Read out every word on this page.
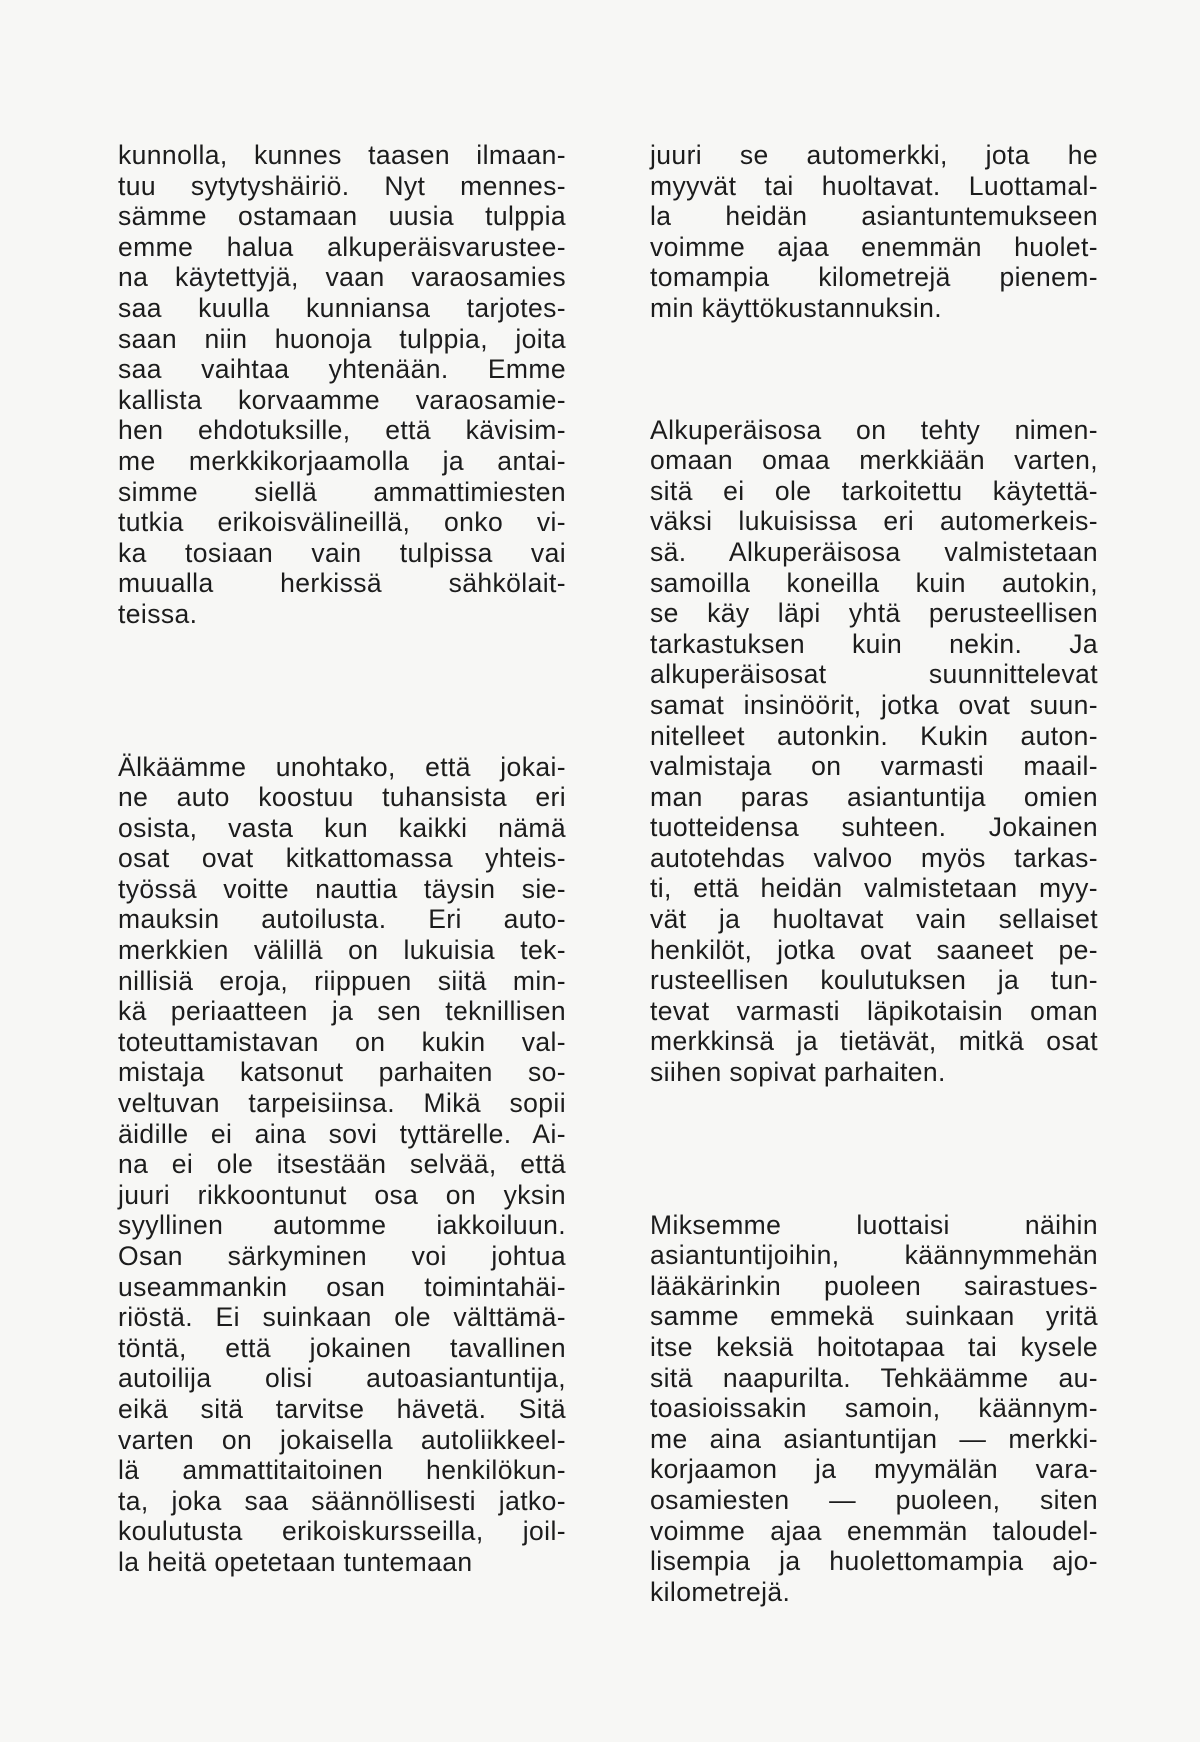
kunnolla, kunnes taasen ilmaan-
tuu sytytyshäiriö. Nyt mennes-
sämme ostamaan uusia tulppia
emme halua alkuperäisvarustee-
na käytettyjä, vaan varaosamies
saa kuulla kunniansa tarjotes-
saan niin huonoja tulppia, joita
saa vaihtaa yhtenään. Emme
kallista korvaamme varaosamie-
hen ehdotuksille, että kävisim-
me merkkikorjaamolla ja antai-
simme siellä ammattimiesten
tutkia erikoisvälineillä, onko vi-
ka tosiaan vain tulpissa vai
muualla herkissä sähkölait-
teissa.

Älkäämme unohtako, että jokai-
ne auto koostuu tuhansista eri
osista, vasta kun kaikki nämä
osat ovat kitkattomassa yhteis-
työssä voitte nauttia täysin sie-
mauksin autoilusta. Eri auto-
merkkien välillä on lukuisia tek-
nillisiä eroja, riippuen siitä min-
kä periaatteen ja sen teknillisen
toteuttamistavan on kukin val-
mistaja katsonut parhaiten so-
veltuvan tarpeisiinsa. Mikä sopii
äidille ei aina sovi tyttärelle. Ai-
na ei ole itsestään selvää, että
juuri rikkoontunut osa on yksin
syyllinen automme iakkoiluun.
Osan särkyminen voi johtua
useammankin osan toimintahäi-
riöstä. Ei suinkaan ole välttämä-
töntä, että jokainen tavallinen
autoilija olisi autoasiantuntija,
eikä sitä tarvitse hävetä. Sitä
varten on jokaisella autoliikkeel-
lä ammattitaitoinen henkilökun-
ta, joka saa säännöllisesti jatko-
koulutusta erikoiskursseilla, joil-
la heitä opetetaan tuntemaan

juuri se automerkki, jota he
myyvät tai huoltavat. Luottamal-
la heidän asiantuntemukseen
voimme ajaa enemmän huolet-
tomampia kilometrejä pienem-
min käyttökustannuksin.

Alkuperäisosa on tehty nimen-
omaan omaa merkkiään varten,
sitä ei ole tarkoitettu käytettä-
väksi lukuisissa eri automerkeis-
sä. Alkuperäisosa valmistetaan
samoilla koneilla kuin autokin,
se käy läpi yhtä perusteellisen
tarkastuksen kuin nekin. Ja
alkuperäisosat suunnittelevat
samat insinöörit, jotka ovat suun-
nitelleet autonkin. Kukin auton-
valmistaja on varmasti maail-
man paras asiantuntija omien
tuotteidensa suhteen. Jokainen
autotehdas valvoo myös tarkas-
ti, että heidän valmistetaan myy-
vät ja huoltavat vain sellaiset
henkilöt, jotka ovat saaneet pe-
rusteellisen koulutuksen ja tun-
tevat varmasti läpikotaisin oman
merkkinsä ja tietävät, mitkä osat
siihen sopivat parhaiten.

Miksemme luottaisi näihin
asiantuntijoihin, käännymmehän
lääkärinkin puoleen sairastues-
samme emmekä suinkaan yritä
itse keksiä hoitotapaa tai kysele
sitä naapurilta. Tehkäämme au-
toasioissakin samoin, käännym-
me aina asiantuntijan — merkki-
korjaamon ja myymälän vara-
osamiesten — puoleen, siten
voimme ajaa enemmän taloudel-
lisempia ja huolettomampia ajo-
kilometrejä.
